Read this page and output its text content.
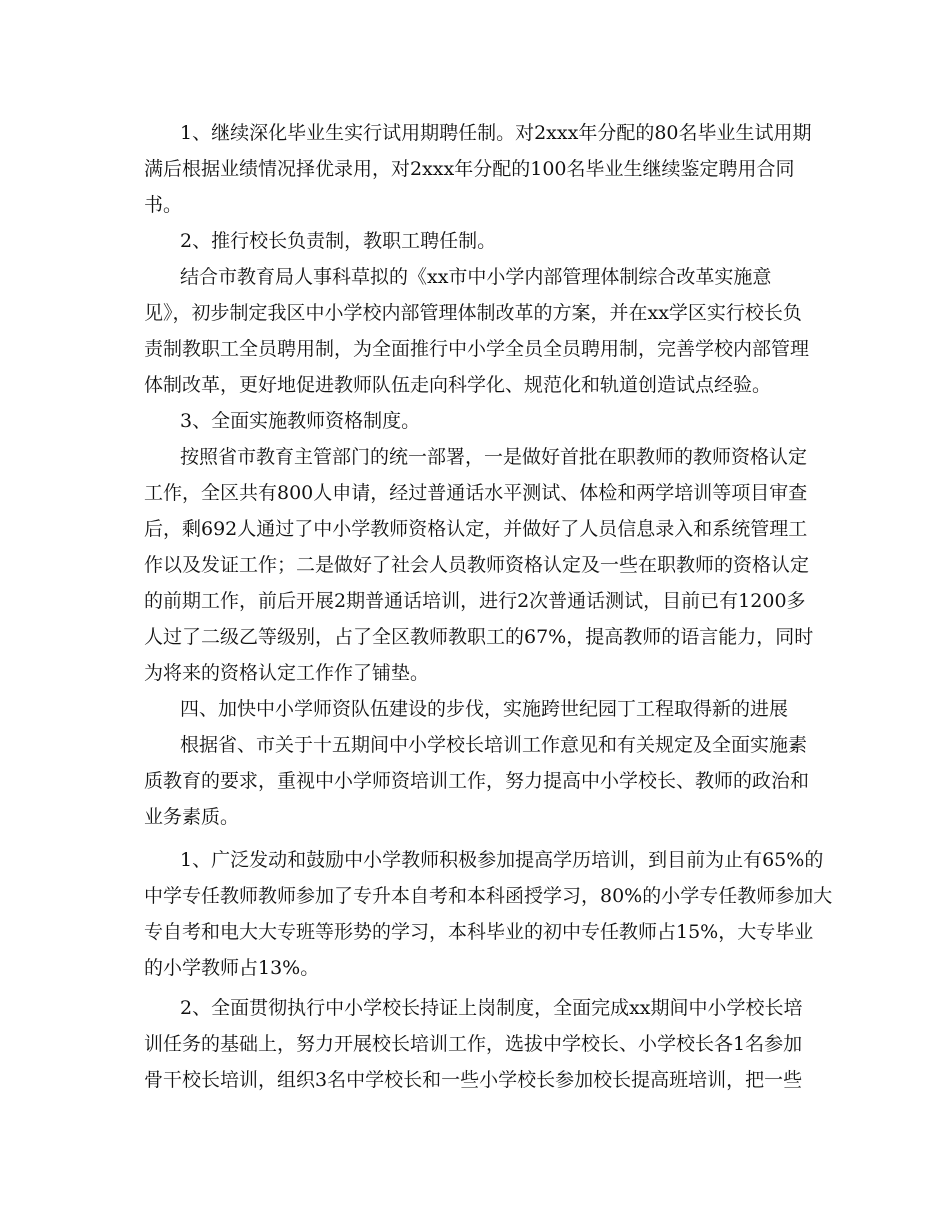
1、继续深化毕业生实行试用期聘任制。对2xxx年分配的80名毕业生试用期
满后根据业绩情况择优录用，对2xxx年分配的100名毕业生继续鉴定聘用合同
书。
2、推行校长负责制，教职工聘任制。
结合市教育局人事科草拟的《xx市中小学内部管理体制综合改革实施意
见》，初步制定我区中小学校内部管理体制改革的方案，并在xx学区实行校长负
责制教职工全员聘用制，为全面推行中小学全员全员聘用制，完善学校内部管理
体制改革，更好地促进教师队伍走向科学化、规范化和轨道创造试点经验。
3、全面实施教师资格制度。
按照省市教育主管部门的统一部署，一是做好首批在职教师的教师资格认定
工作，全区共有800人申请，经过普通话水平测试、体检和两学培训等项目审查
后，剩692人通过了中小学教师资格认定，并做好了人员信息录入和系统管理工
作以及发证工作；二是做好了社会人员教师资格认定及一些在职教师的资格认定
的前期工作，前后开展2期普通话培训，进行2次普通话测试，目前已有1200多
人过了二级乙等级别，占了全区教师教职工的67%，提高教师的语言能力，同时
为将来的资格认定工作作了铺垫。
四、加快中小学师资队伍建设的步伐，实施跨世纪园丁工程取得新的进展
根据省、市关于十五期间中小学校长培训工作意见和有关规定及全面实施素
质教育的要求，重视中小学师资培训工作，努力提高中小学校长、教师的政治和
业务素质。
1、广泛发动和鼓励中小学教师积极参加提高学历培训，到目前为止有65%的
中学专任教师教师参加了专升本自考和本科函授学习，80%的小学专任教师参加大
专自考和电大大专班等形势的学习，本科毕业的初中专任教师占15%，大专毕业
的小学教师占13%。
2、全面贯彻执行中小学校长持证上岗制度，全面完成xx期间中小学校长培
训任务的基础上，努力开展校长培训工作，选拔中学校长、小学校长各1名参加
骨干校长培训，组织3名中学校长和一些小学校长参加校长提高班培训，把一些
